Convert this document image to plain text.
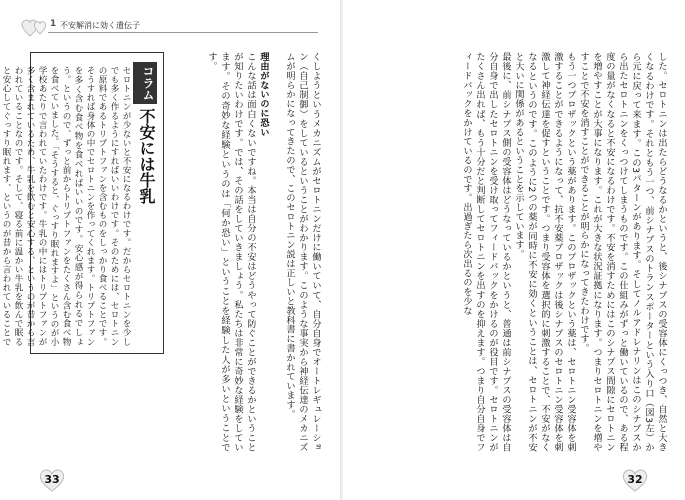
1 不安解消に効く遺伝子
コラム
不安には牛乳
セロトニンが少ないと不安になるわけです。だからセロトニンを少しでも多く作るようにすればいいわけです。そのためには、セロトニンの原料であるトリプトファンを含むものをしっかり食べることです。そうすれば身体の中でセロトニンを作ってくれます。トリプトファンを多く含む食べ物を食べればいいのです。安心感が得られるでしょう。というので、ずっと前からトリプトファンをたくさん含む食べ物を食べていました。「そうすると、ぐっすり眠れますよ」というのが小学校あたりで言われていたわけです。牛乳の中にはトリプトファンが多く含まれているため、牛乳を飲むと安心する、というのが昔から言われていることなのです。そして、寝る前に温かい牛乳を飲んで眠ると安心してぐっすり眠れます、というのが昔から言われていることで	くしようというメカニズムがセロトニンだけに働いていて、自分自身でオートレギュレーション（自己制御）をしているということがわかります。このような事実から神経伝達のメカニズムが明らかになってきたので、このセロトニン説は正しいと教科書に書かれています。

理由がないのに恐い
こんな話は面白くないですね。本当は自分の不安はどうやって防ぐことができるかということが知りたいわけです。では、その話をしていきましょう。私たちは非常に奇妙な経験をしています。その奇妙な経験というのは「何か恐い」ということを経験した人が多いということです。
33
した。セロトニンは出たらどうなるかというと、後シナプスの受容体にくっつき、自然と大きくなるわけです。それともう一つ、前シナプスのトランスポーターという入り口（図3左）から元に戻って来ます。この3パターンがあります。そしてノルアドレナリンはこのシナプスから出たセロトニンをくっつけてしまうものです。この仕組みがずっと働いているので、ある程度の量がなくなると不安になるわけです。不安を消すためにはこのシナプス間隙にセロトニンを増やすことが大事になります。これが大きな状況証拠になります。つまりセロトニンを増やすことで不安を消すことができることが明らかになってきたわけです。
もう一つプロザックという薬があります。このプロザックという薬は、セロトニン受容体を刺激することができるようになって、抗不安薬プロザックは後シナプスのセロトニン受容体を刺激して神経伝達を促すということです。つまり受容体を選択的に刺激することで、不安がなくなるというのです。このように2つの薬が同時に不安に効くということは、セロトニンが不安と大いに関係があるということを示しています。
最後に、前シナプス側の受容体はどうなっているかというと、普通は前シナプスの受容体は自分自身で出したセロトニンを受け取ってフィードバックをかけるのが役目です。セロトニンがたくさん出れば、もう十分だと判断してセロトニンを出すのを抑えます。つまり自分自身でフィードバックをかけているのです。出過ぎたら次出るのを少な
32
